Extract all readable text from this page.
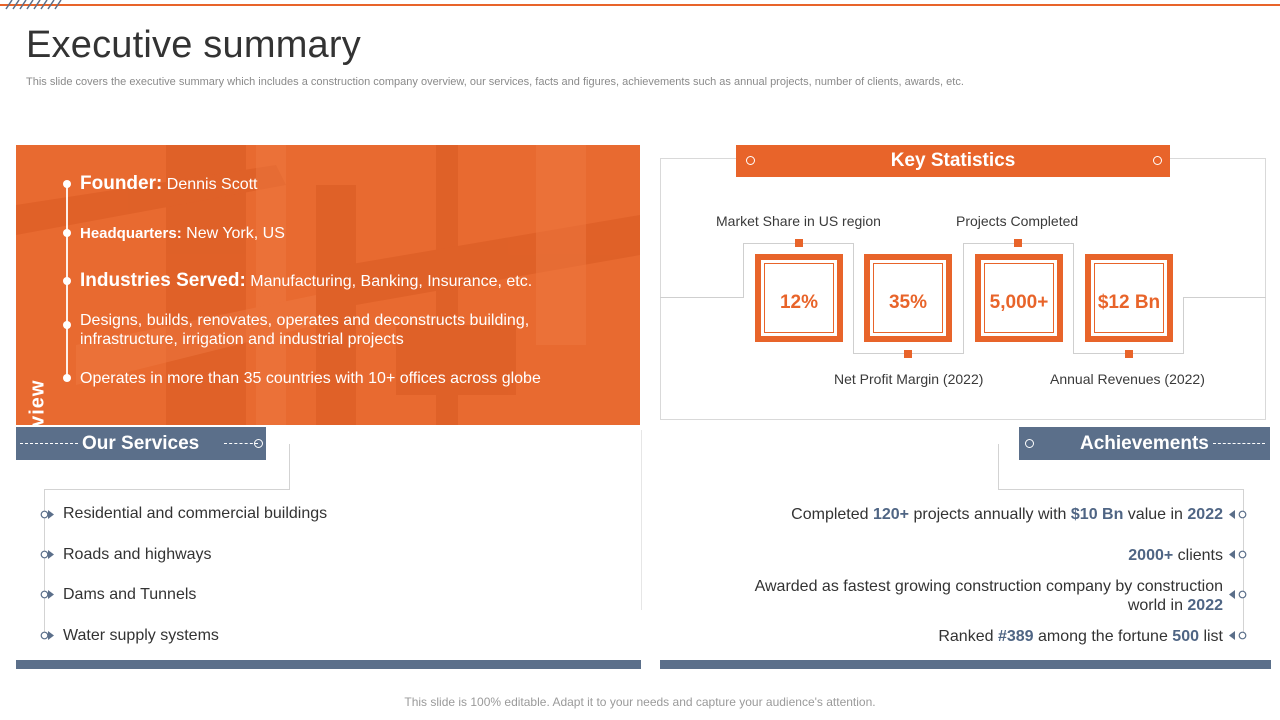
Executive summary
This slide covers the executive summary which includes a construction company overview, our services, facts and figures, achievements such as annual projects, number of clients, awards, etc.
Founder: Dennis Scott
Headquarters: New York, US
Industries Served: Manufacturing, Banking, Insurance, etc.
Designs, builds, renovates, operates and deconstructs building,
infrastructure, irrigation and industrial projects
Operates in more than 35 countries with 10+ offices across globe
Key Statistics
Market Share in US region	Projects Completed
Net Profit Margin (2022)	Annual Revenues (2022)
12%	35%	5,000+	$12 Bn
Our Services
Residential and commercial buildings
Roads and highways
Dams and Tunnels
Water supply systems
Achievements
Completed 120+ projects annually with $10 Bn value in 2022
2000+ clients
Awarded as fastest growing construction company by construction
world in 2022
Ranked #389 among the fortune 500 list
This slide is 100% editable. Adapt it to your needs and capture your audience's attention.
